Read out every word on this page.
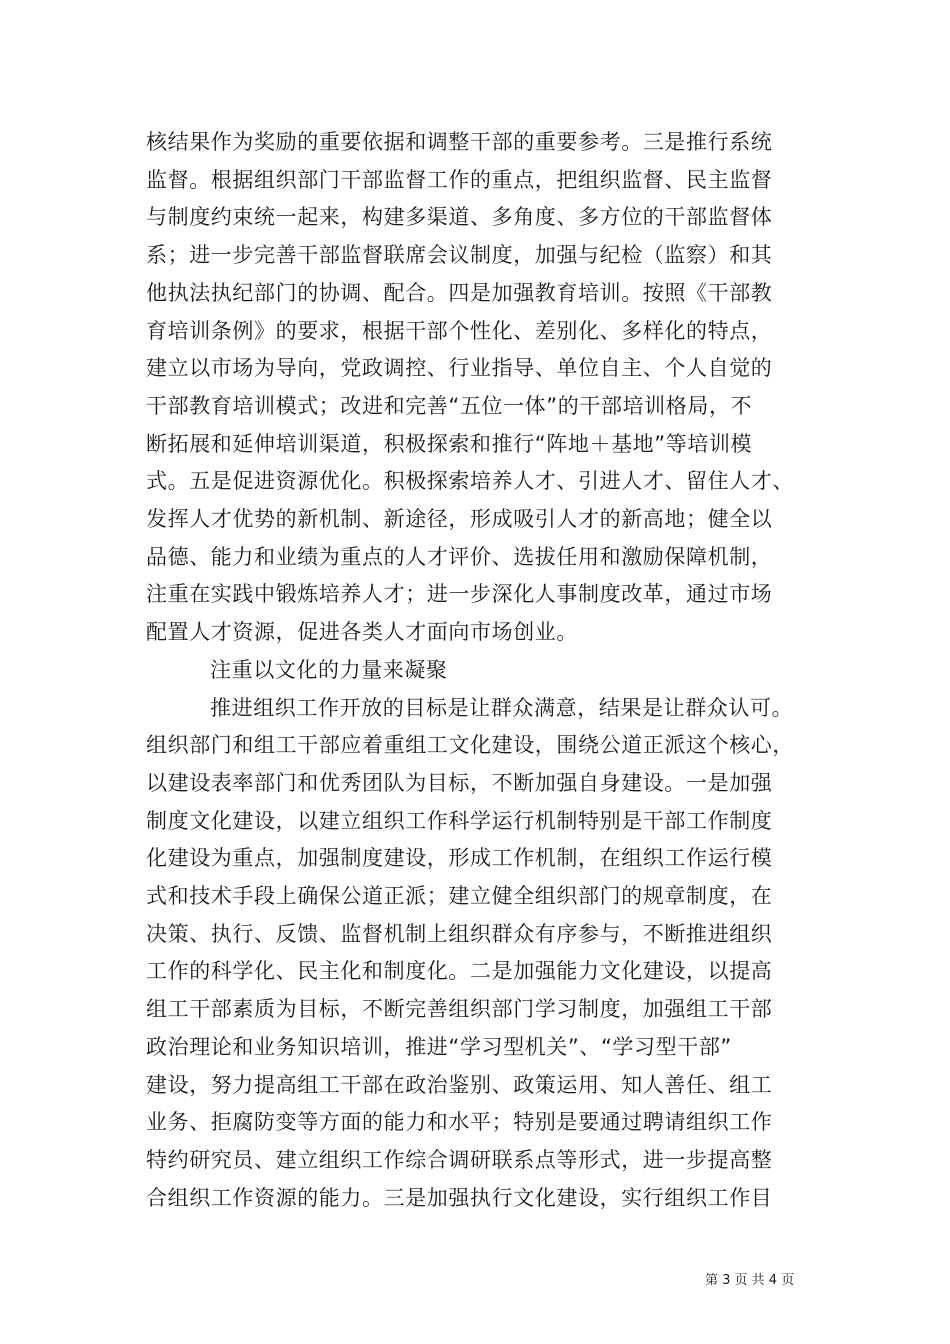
核结果作为奖励的重要依据和调整干部的重要参考。三是推行系统
监督。根据组织部门干部监督工作的重点，把组织监督、民主监督
与制度约束统一起来，构建多渠道、多角度、多方位的干部监督体
系；进一步完善干部监督联席会议制度，加强与纪检（监察）和其
他执法执纪部门的协调、配合。四是加强教育培训。按照《干部教
育培训条例》的要求，根据干部个性化、差别化、多样化的特点，
建立以市场为导向，党政调控、行业指导、单位自主、个人自觉的
干部教育培训模式；改进和完善“五位一体”的干部培训格局，不
断拓展和延伸培训渠道，积极探索和推行“阵地＋基地”等培训模
式。五是促进资源优化。积极探索培养人才、引进人才、留住人才、
发挥人才优势的新机制、新途径，形成吸引人才的新高地；健全以
品德、能力和业绩为重点的人才评价、选拔任用和激励保障机制，
注重在实践中锻炼培养人才；进一步深化人事制度改革，通过市场
配置人才资源，促进各类人才面向市场创业。
注重以文化的力量来凝聚
推进组织工作开放的目标是让群众满意，结果是让群众认可。
组织部门和组工干部应着重组工文化建设，围绕公道正派这个核心，
以建设表率部门和优秀团队为目标，不断加强自身建设。一是加强
制度文化建设，以建立组织工作科学运行机制特别是干部工作制度
化建设为重点，加强制度建设，形成工作机制，在组织工作运行模
式和技术手段上确保公道正派；建立健全组织部门的规章制度，在
决策、执行、反馈、监督机制上组织群众有序参与，不断推进组织
工作的科学化、民主化和制度化。二是加强能力文化建设，以提高
组工干部素质为目标，不断完善组织部门学习制度，加强组工干部
政治理论和业务知识培训，推进“学习型机关”、“学习型干部”
建设，努力提高组工干部在政治鉴别、政策运用、知人善任、组工
业务、拒腐防变等方面的能力和水平；特别是要通过聘请组织工作
特约研究员、建立组织工作综合调研联系点等形式，进一步提高整
合组织工作资源的能力。三是加强执行文化建设，实行组织工作目
第 3 页 共 4 页
